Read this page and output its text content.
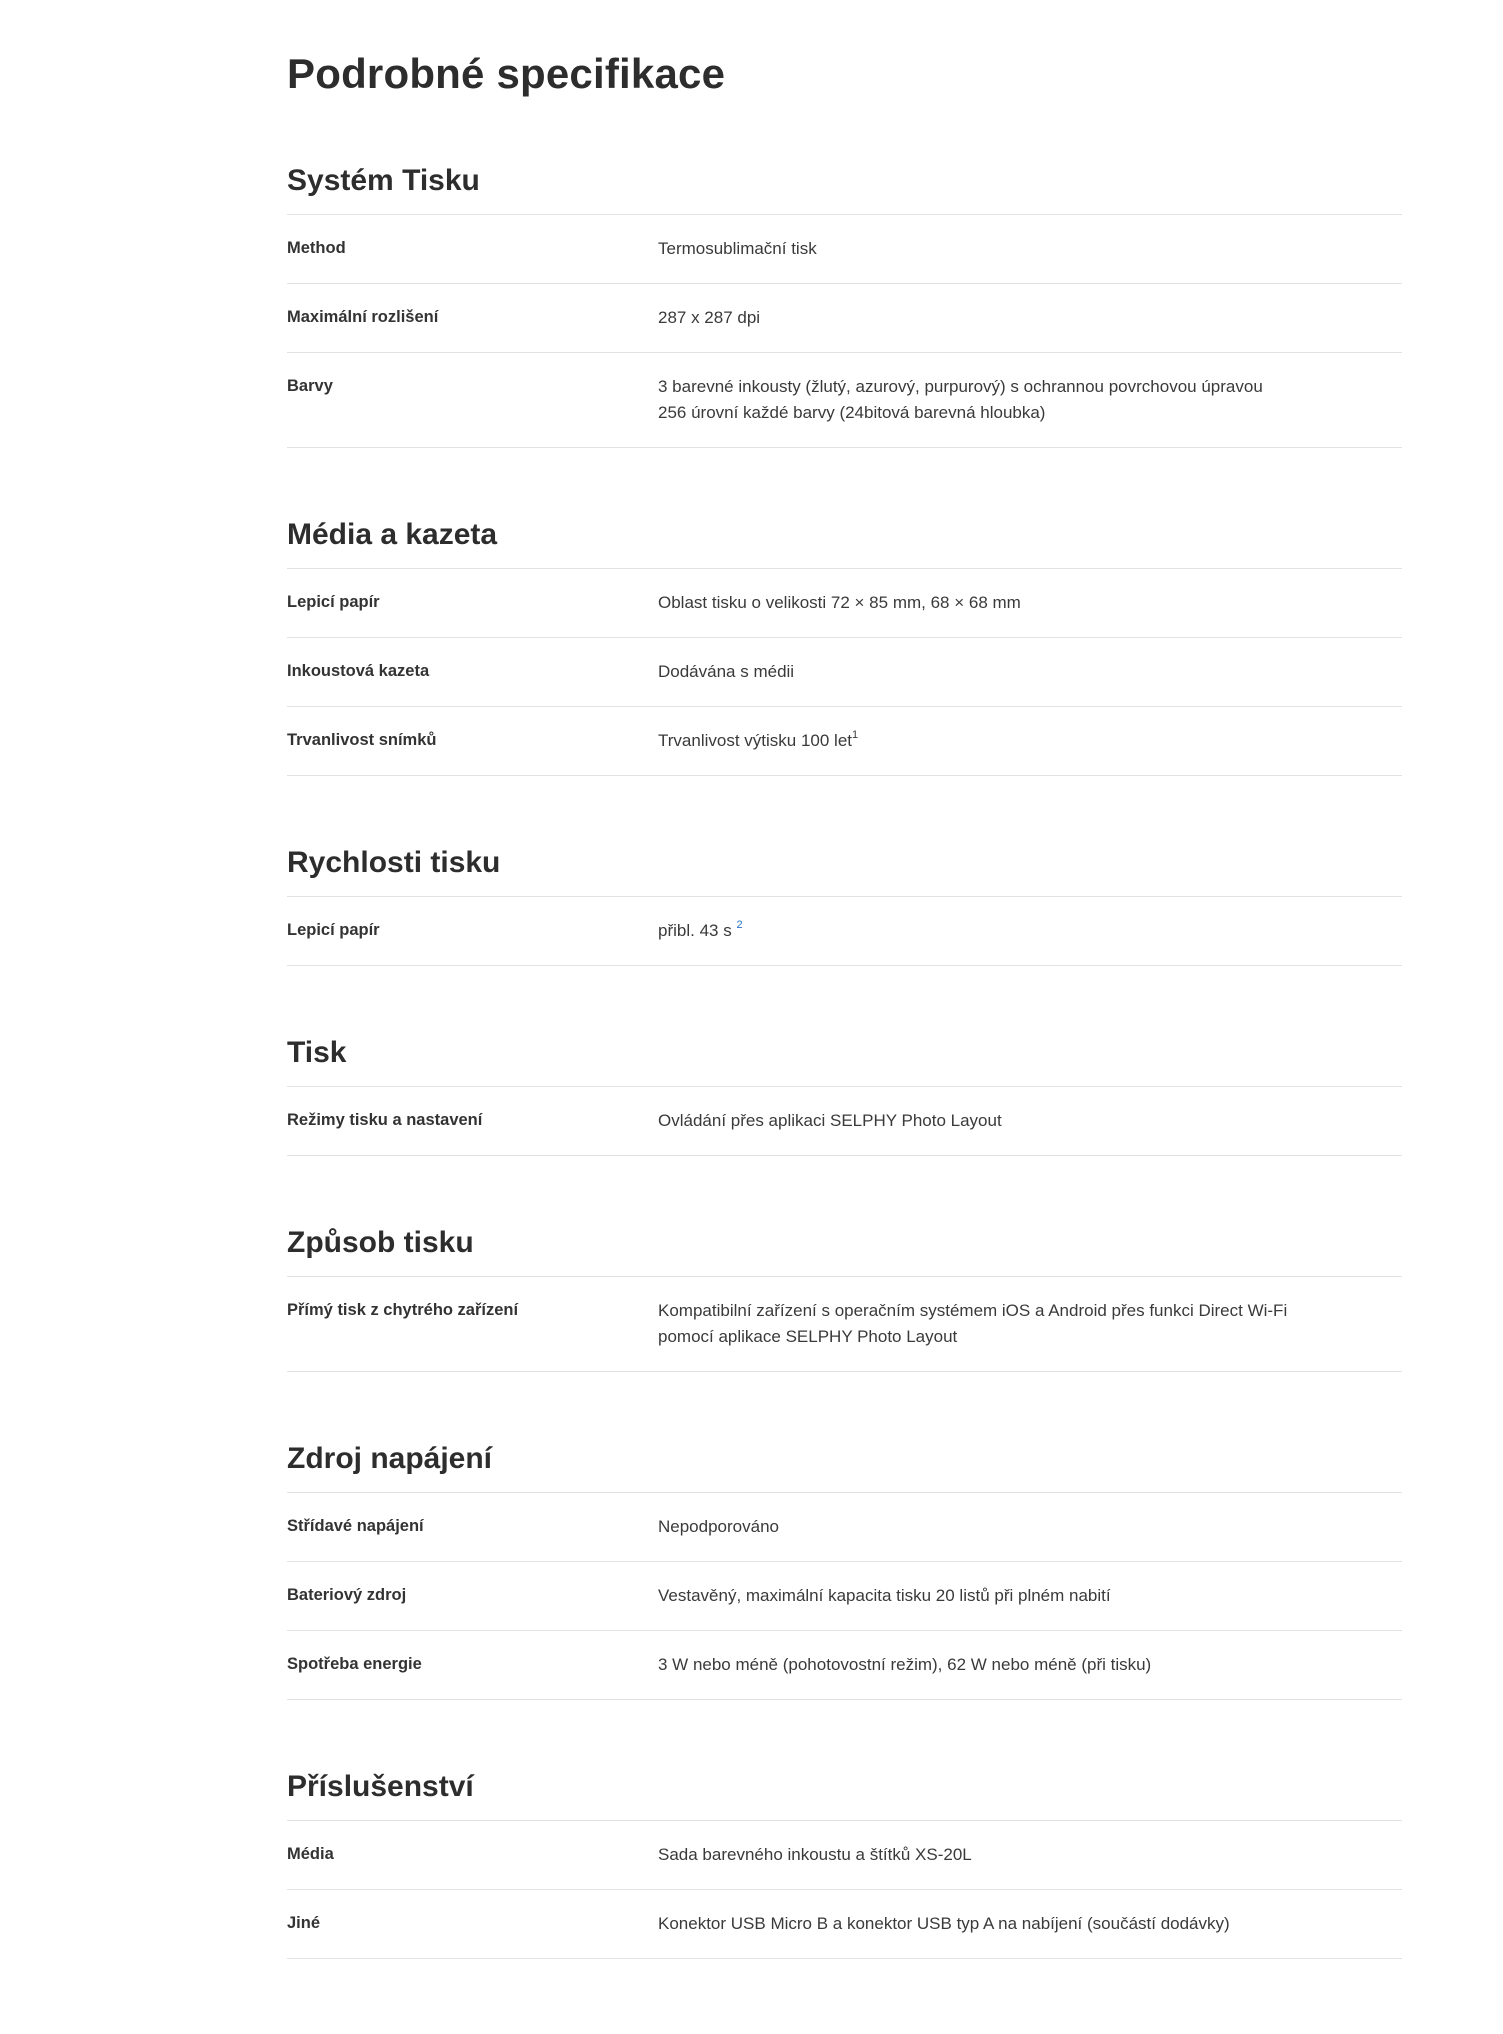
Podrobné specifikace
Systém Tisku
Method	Termosublimační tisk
Maximální rozlišení	287 x 287 dpi
Barvy	3 barevné inkousty (žlutý, azurový, purpurový) s ochrannou povrchovou úpravou
256 úrovní každé barvy (24bitová barevná hloubka)
Média a kazeta
Lepicí papír	Oblast tisku o velikosti 72 × 85 mm, 68 × 68 mm
Inkoustová kazeta	Dodávána s médii
Trvanlivost snímků	Trvanlivost výtisku 100 let$^1$
Rychlosti tisku
Lepicí papír	přibl. 43 s $^2$
Tisk
Režimy tisku a nastavení	Ovládání přes aplikaci SELPHY Photo Layout
Způsob tisku
Přímý tisk z chytrého zařízení	Kompatibilní zařízení s operačním systémem iOS a Android přes funkci Direct Wi-Fi
pomocí aplikace SELPHY Photo Layout
Zdroj napájení
Střídavé napájení	Nepodporováno
Bateriový zdroj	Vestavěný, maximální kapacita tisku 20 listů při plném nabití
Spotřeba energie	3 W nebo méně (pohotovostní režim), 62 W nebo méně (při tisku)
Příslušenství
Média	Sada barevného inkoustu a štítků XS-20L
Jiné	Konektor USB Micro B a konektor USB typ A na nabíjení (součástí dodávky)
